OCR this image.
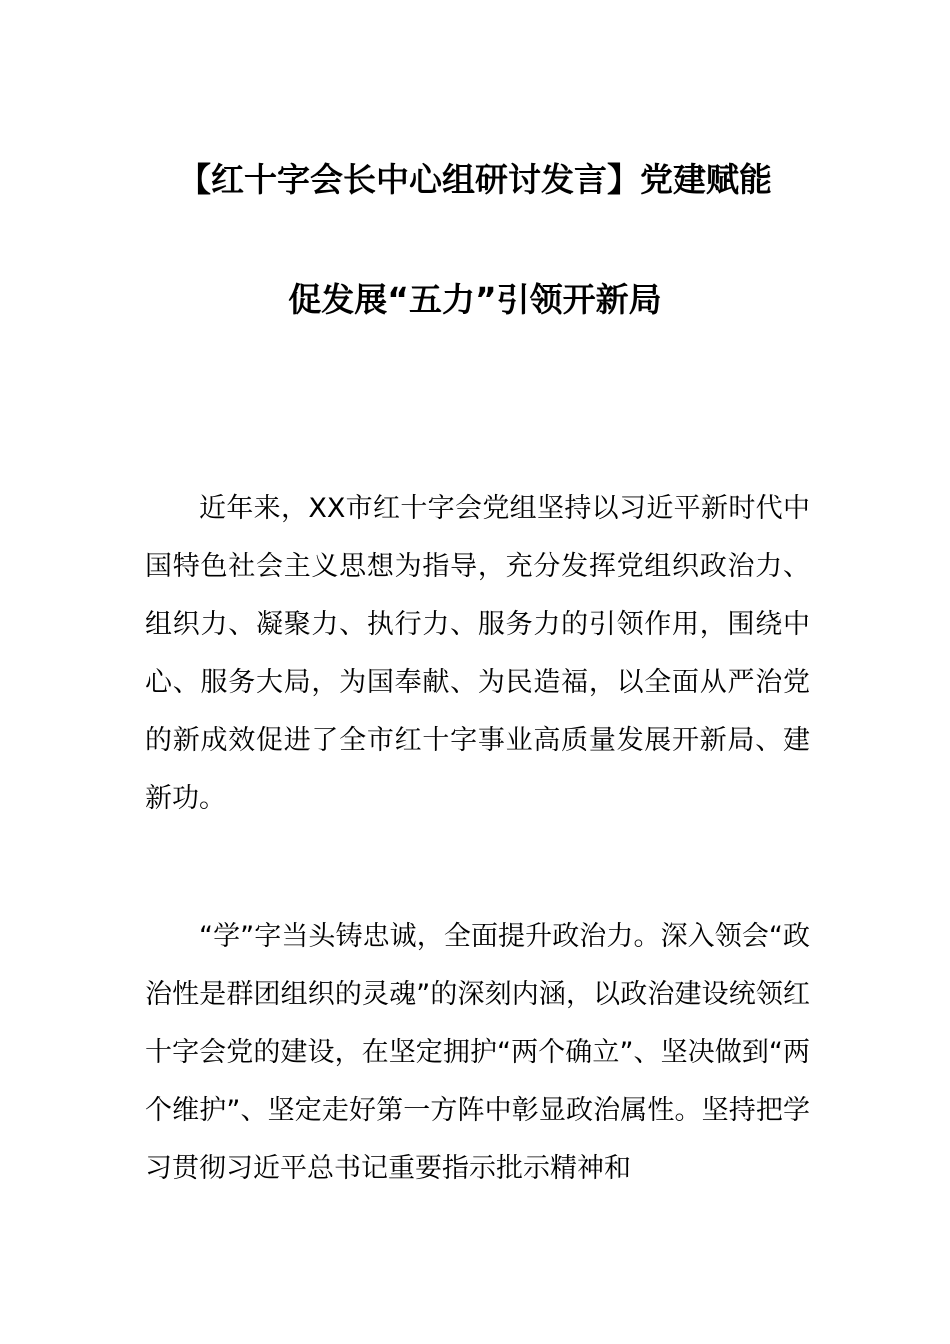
【红十字会长中心组研讨发言】党建赋能
促发展“五力”引领开新局

近年来，XX市红十字会党组坚持以习近平新时代中国特色社会主义思想为指导，充分发挥党组织政治力、组织力、凝聚力、执行力、服务力的引领作用，围绕中心、服务大局，为国奉献、为民造福，以全面从严治党的新成效促进了全市红十字事业高质量发展开新局、建新功。

“学”字当头铸忠诚，全面提升政治力。深入领会“政治性是群团组织的灵魂”的深刻内涵，以政治建设统领红十字会党的建设，在坚定拥护“两个确立”、坚决做到“两个维护”、坚定走好第一方阵中彰显政治属性。坚持把学习贯彻习近平总书记重要指示批示精神和
